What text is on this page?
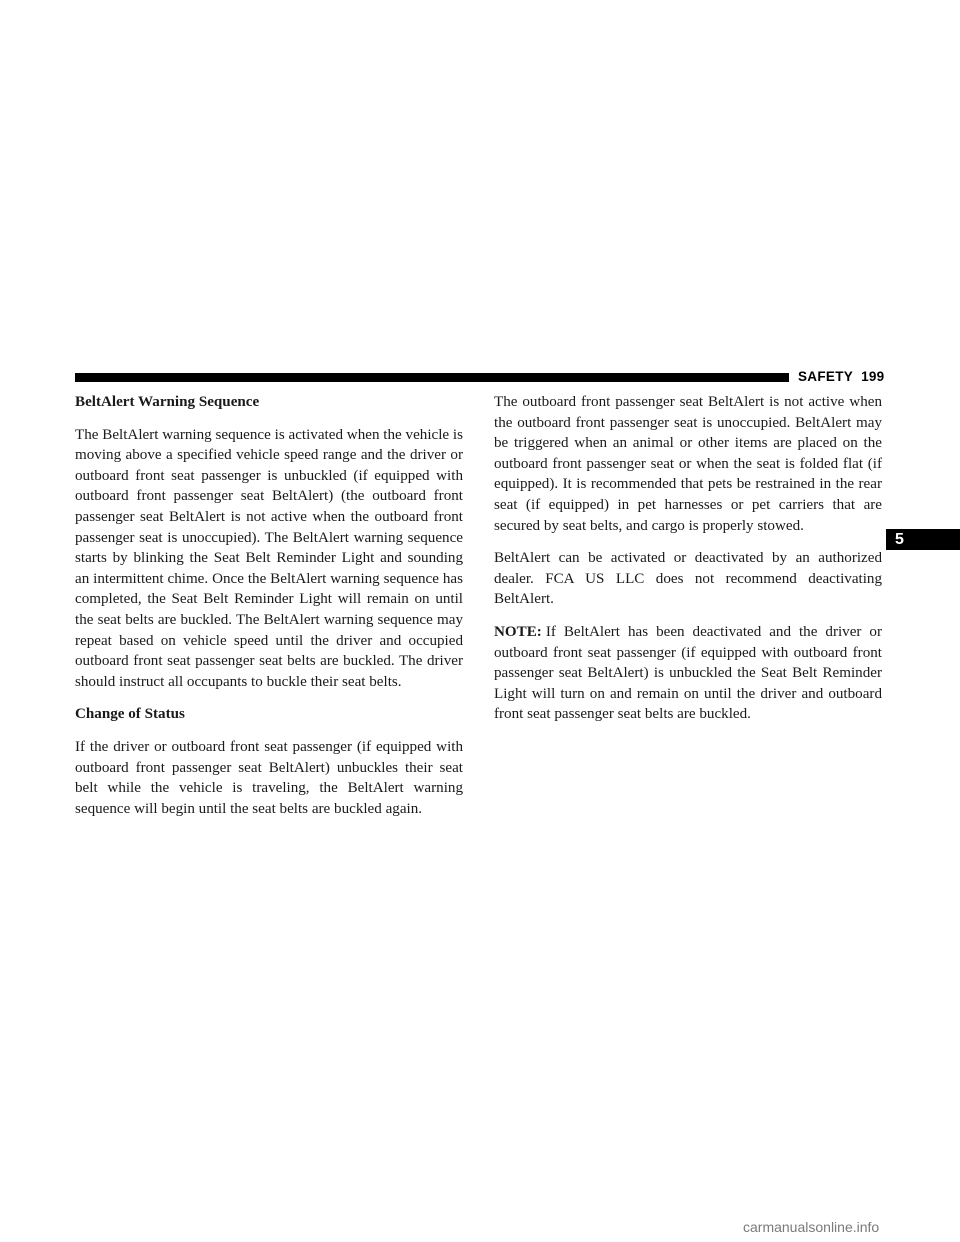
SAFETY 199
5
BeltAlert Warning Sequence

The BeltAlert warning sequence is activated when the vehicle is moving above a specified vehicle speed range and the driver or outboard front seat passenger is unbuckled (if equipped with outboard front passenger seat BeltAlert) (the outboard front passenger seat BeltAlert is not active when the outboard front passenger seat is unoccupied). The BeltAlert warning sequence starts by blinking the Seat Belt Reminder Light and sounding an intermittent chime. Once the BeltAlert warning sequence has completed, the Seat Belt Reminder Light will remain on until the seat belts are buckled. The BeltAlert warning sequence may repeat based on vehicle speed until the driver and occupied outboard front seat passenger seat belts are buckled. The driver should instruct all occupants to buckle their seat belts.

Change of Status

If the driver or outboard front seat passenger (if equipped with outboard front passenger seat BeltAlert) unbuckles their seat belt while the vehicle is traveling, the BeltAlert warning sequence will begin until the seat belts are buckled again.

The outboard front passenger seat BeltAlert is not active when the outboard front passenger seat is unoccupied. BeltAlert may be triggered when an animal or other items are placed on the outboard front passenger seat or when the seat is folded flat (if equipped). It is recommended that pets be restrained in the rear seat (if equipped) in pet harnesses or pet carriers that are secured by seat belts, and cargo is properly stowed.

BeltAlert can be activated or deactivated by an authorized dealer. FCA US LLC does not recommend deactivating BeltAlert.

NOTE: If BeltAlert has been deactivated and the driver or outboard front seat passenger (if equipped with outboard front passenger seat BeltAlert) is unbuckled the Seat Belt Reminder Light will turn on and remain on until the driver and outboard front seat passenger seat belts are buckled.

carmanualsonline.info
